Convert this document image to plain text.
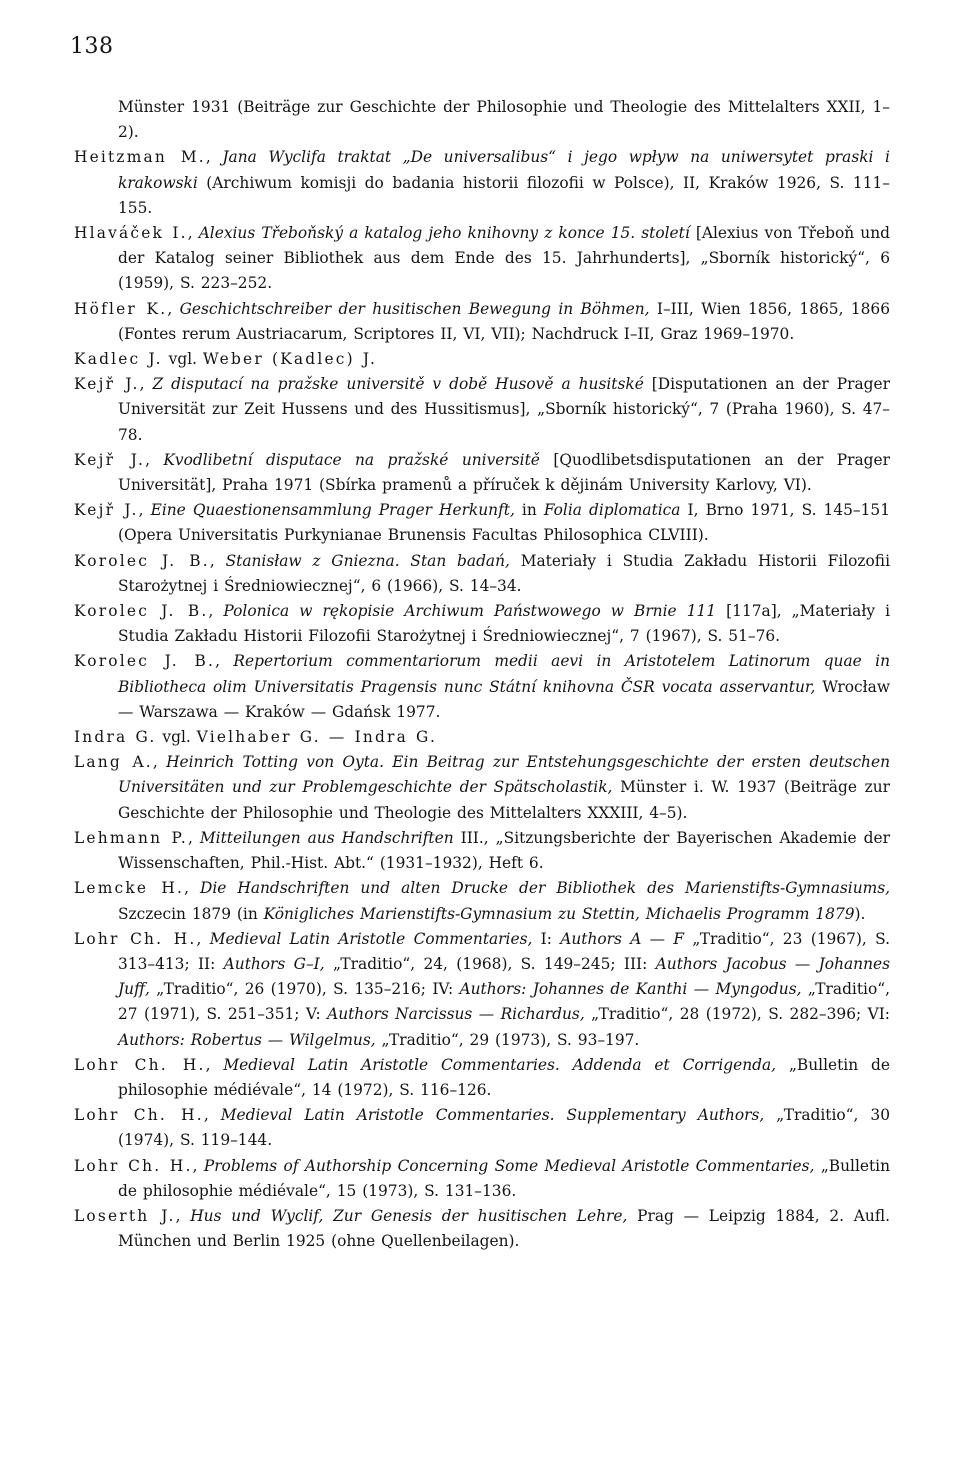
138
Münster 1931 (Beiträge zur Geschichte der Philosophie und Theologie des Mittelalters XXII, 1–2).
Heitzman M., Jana Wyclifa traktat „De universalibus“ i jego wpływ na uniwersytet praski i krakowski (Archiwum komisji do badania historii filozofii w Polsce), II, Kraków 1926, S. 111–155.
Hlaváček I., Alexius Třeboňský a katalog jeho knihovny z konce 15. století [Alexius von Třeboň und der Katalog seiner Bibliothek aus dem Ende des 15. Jahrhunderts], „Sborník historický“, 6 (1959), S. 223–252.
Höfler K., Geschichtschreiber der husitischen Bewegung in Böhmen, I–III, Wien 1856, 1865, 1866 (Fontes rerum Austriacarum, Scriptores II, VI, VII); Nachdruck I–II, Graz 1969–1970.
Kadlec J. vgl. Weber (Kadlec) J.
Kejř J., Z disputací na pražske universitě v době Husově a husitské [Disputationen an der Prager Universität zur Zeit Hussens und des Hussitismus], „Sborník historický“, 7 (Praha 1960), S. 47–78.
Kejř J., Kvodlibetní disputace na pražské universitě [Quodlibetsdisputationen an der Prager Universität], Praha 1971 (Sbírka pramenů a příruček k dějinám University Karlovy, VI).
Kejř J., Eine Quaestionensammlung Prager Herkunft, in Folia diplomatica I, Brno 1971, S. 145–151 (Opera Universitatis Purkynianae Brunensis Facultas Philosophica CLVIII).
Korolec J. B., Stanisław z Gniezna. Stan badań, Materiały i Studia Zakładu Historii Filozofii Starożytnej i Średniowiecznej“, 6 (1966), S. 14–34.
Korolec J. B., Polonica w rękopisie Archiwum Państwowego w Brnie 111 [117a], „Materiały i Studia Zakładu Historii Filozofii Starożytnej i Średniowiecznej“, 7 (1967), S. 51–76.
Korolec J. B., Repertorium commentariorum medii aevi in Aristotelem Latinorum quae in Bibliotheca olim Universitatis Pragensis nunc Státní knihovna ČSR vocata asservantur, Wrocław — Warszawa — Kraków — Gdańsk 1977.
Indra G. vgl. Vielhaber G. — Indra G.
Lang A., Heinrich Totting von Oyta. Ein Beitrag zur Entstehungsgeschichte der ersten deutschen Universitäten und zur Problemgeschichte der Spätscholastik, Münster i. W. 1937 (Beiträge zur Geschichte der Philosophie und Theologie des Mittelalters XXXIII, 4–5).
Lehmann P., Mitteilungen aus Handschriften III., „Sitzungsberichte der Bayerischen Akademie der Wissenschaften, Phil.-Hist. Abt.“ (1931–1932), Heft 6.
Lemcke H., Die Handschriften und alten Drucke der Bibliothek des Marienstifts-Gymnasiums, Szczecin 1879 (in Königliches Marienstifts-Gymnasium zu Stettin, Michaelis Programm 1879).
Lohr Ch. H., Medieval Latin Aristotle Commentaries, I: Authors A — F „Traditio“, 23 (1967), S. 313–413; II: Authors G–I, „Traditio“, 24, (1968), S. 149–245; III: Authors Jacobus — Johannes Juff, „Traditio“, 26 (1970), S. 135–216; IV: Authors: Johannes de Kanthi — Myngodus, „Traditio“, 27 (1971), S. 251–351; V: Authors Narcissus — Richardus, „Traditio“, 28 (1972), S. 282–396; VI: Authors: Robertus — Wilgelmus, „Traditio“, 29 (1973), S. 93–197.
Lohr Ch. H., Medieval Latin Aristotle Commentaries. Addenda et Corrigenda, „Bulletin de philosophie médiévale“, 14 (1972), S. 116–126.
Lohr Ch. H., Medieval Latin Aristotle Commentaries. Supplementary Authors, „Traditio“, 30 (1974), S. 119–144.
Lohr Ch. H., Problems of Authorship Concerning Some Medieval Aristotle Commentaries, „Bulletin de philosophie médiévale“, 15 (1973), S. 131–136.
Loserth J., Hus und Wyclif, Zur Genesis der husitischen Lehre, Prag — Leipzig 1884, 2. Aufl. München und Berlin 1925 (ohne Quellenbeilagen).
